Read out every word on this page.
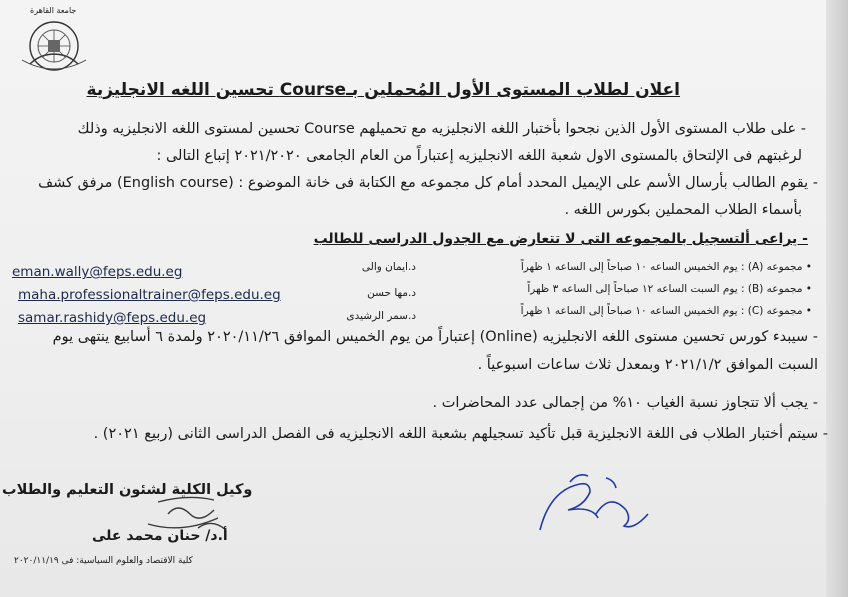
جامعة القاهرة
اعلان لطلاب المستوى الأول المُحملين بـCourse تحسين اللغه الانجليزية
- على طلاب المستوى الأول الذين نجحوا بأختبار اللغه الانجليزيه مع تحميلهم Course تحسين لمستوى اللغه الانجليزيه وذلك
لرغبتهم فى الإلتحاق بالمستوى الاول شعبة اللغه الانجليزيه إعتباراً من العام الجامعى ٢٠٢١/٢٠٢٠ إتباع التالى :
- يقوم الطالب بأرسال الأسم على الإيميل المحدد أمام كل مجموعه مع الكتابة فى خانة الموضوع : (English course) مرفق كشف
بأسماء الطلاب المحملين بكورس اللغه .
- يراعى ألتسجيل بالمجموعه التى لا تتعارض مع الجدول الدراسى للطالب
• مجموعه (A) : يوم الخميس الساعه ١٠ صباحاً إلى الساعه ١ ظهراً
د.ايمان والى
eman.wally@feps.edu.eg
• مجموعه (B) : يوم السبت الساعه ١٢ صباحاً إلى الساعه ٣ ظهراً
د.مها حسن
maha.professionaltrainer@feps.edu.eg
• مجموعه (C) : يوم الخميس الساعه ١٠ صباحاً إلى الساعه ١ ظهراً
د.سمر الرشيدى
samar.rashidy@feps.edu.eg
- سيبدء كورس تحسين مستوى اللغه الانجليزيه (Online) إعتباراً من يوم الخميس الموافق ٢٠٢٠/١١/٢٦ ولمدة ٦ أسابيع ينتهى يوم
السبت الموافق ٢٠٢١/١/٢ وبمعدل ثلاث ساعات اسبوعياً .
- يجب ألا تتجاوز نسبة الغياب ١٠% من إجمالى عدد المحاضرات .
- سيتم أختبار الطلاب فى اللغة الانجليزية قبل تأكيد تسجيلهم بشعبة اللغه الانجليزيه فى الفصل الدراسى الثانى (ربيع ٢٠٢١) .
وكيل الكلية لشئون التعليم والطلاب
أ.د/ حنان محمد على
كلية الاقتصاد والعلوم السياسية: فى ٢٠٢٠/١١/١٩
